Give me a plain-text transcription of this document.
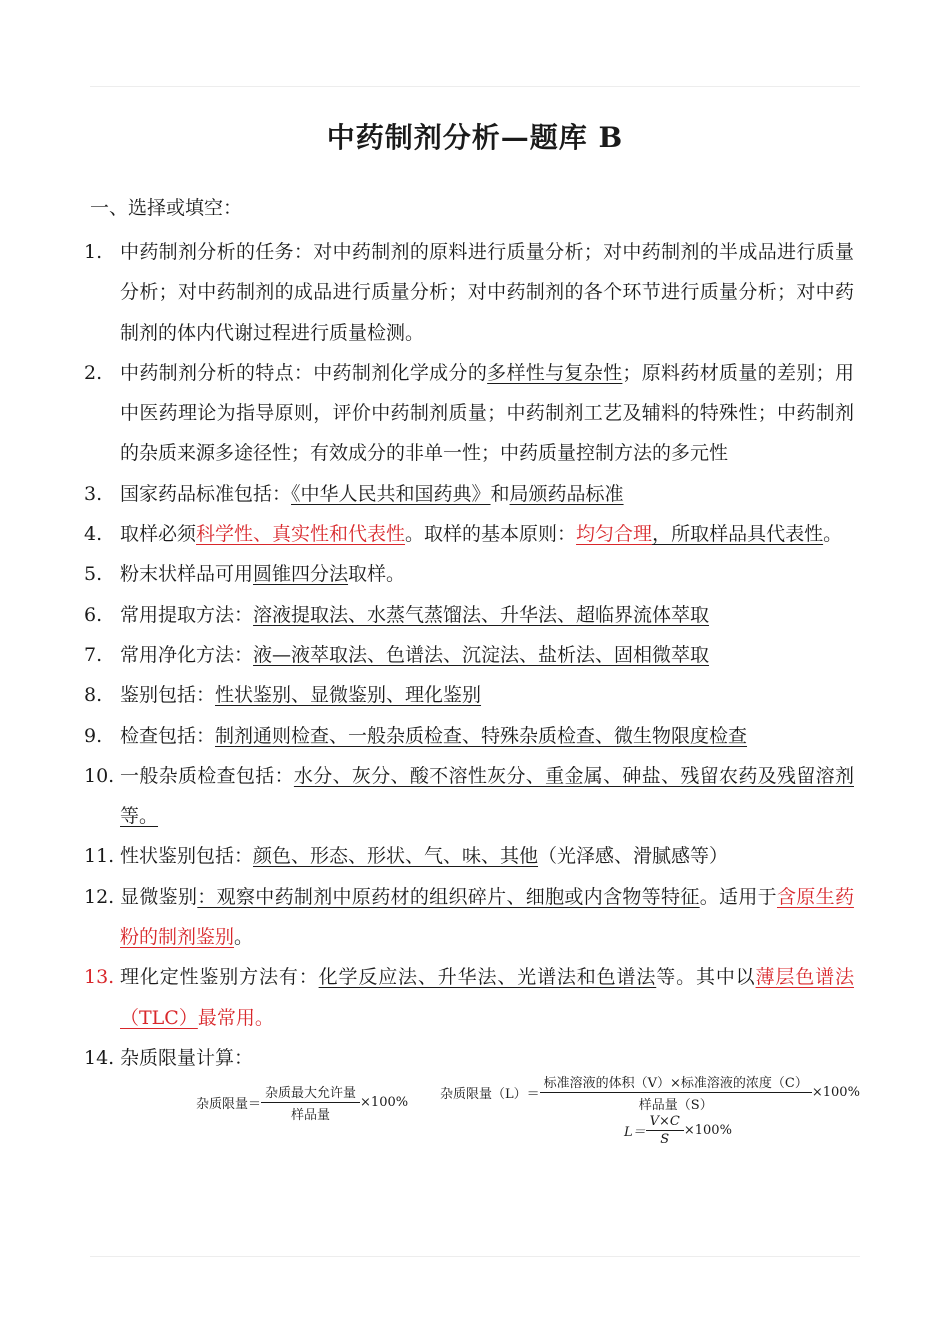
中药制剂分析—题库 B
一、选择或填空：
1. 中药制剂分析的任务：对中药制剂的原料进行质量分析；对中药制剂的半成品进行质量分析；对中药制剂的成品进行质量分析；对中药制剂的各个环节进行质量分析；对中药制剂的体内代谢过程进行质量检测。
2. 中药制剂分析的特点：中药制剂化学成分的多样性与复杂性；原料药材质量的差别；用中医药理论为指导原则，评价中药制剂质量；中药制剂工艺及辅料的特殊性；中药制剂的杂质来源多途径性；有效成分的非单一性；中药质量控制方法的多元性
3. 国家药品标准包括：《中华人民共和国药典》和局颁药品标准
4. 取样必须科学性、真实性和代表性。取样的基本原则：均匀合理，所取样品具代表性。
5. 粉末状样品可用圆锥四分法取样。
6. 常用提取方法：溶液提取法、水蒸气蒸馏法、升华法、超临界流体萃取
7. 常用净化方法：液—液萃取法、色谱法、沉淀法、盐析法、固相微萃取
8. 鉴别包括：性状鉴别、显微鉴别、理化鉴别
9. 检查包括：制剂通则检查、一般杂质检查、特殊杂质检查、微生物限度检查
10. 一般杂质检查包括：水分、灰分、酸不溶性灰分、重金属、砷盐、残留农药及残留溶剂等。
11. 性状鉴别包括：颜色、形态、形状、气、味、其他（光泽感、滑腻感等）
12. 显微鉴别：观察中药制剂中原药材的组织碎片、细胞或内含物等特征。适用于含原生药粉的制剂鉴别。
13. 理化定性鉴别方法有：化学反应法、升华法、光谱法和色谱法等。其中以薄层色谱法（TLC）最常用。
14. 杂质限量计算：
杂质限量＝ $\frac{\text{杂质最大允许量}}{\text{样品量}} \times 100\%$
杂质限量$(L)= \frac{\text{标准溶液的体积（V）×标准溶液的浓度（C）}}{\text{样品量（S）}} \times 100\%$
$L= \frac{V\times C}{S} \times 100\%$
